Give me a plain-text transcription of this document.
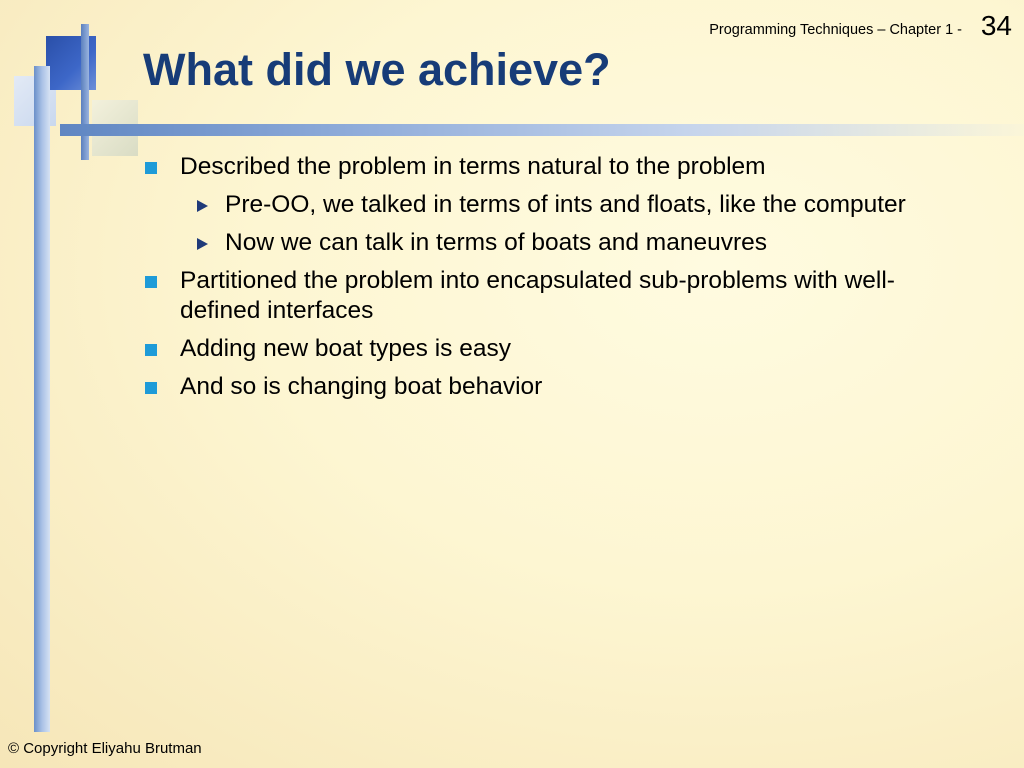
Programming Techniques – Chapter 1 - 34
What did we achieve?
Described the problem in terms natural to the problem
Pre-OO, we talked in terms of ints and floats, like the computer
Now we can talk in terms of boats and maneuvres
Partitioned the problem into encapsulated sub-problems with well-defined interfaces
Adding new boat types is easy
And so is changing boat behavior
© Copyright Eliyahu Brutman
